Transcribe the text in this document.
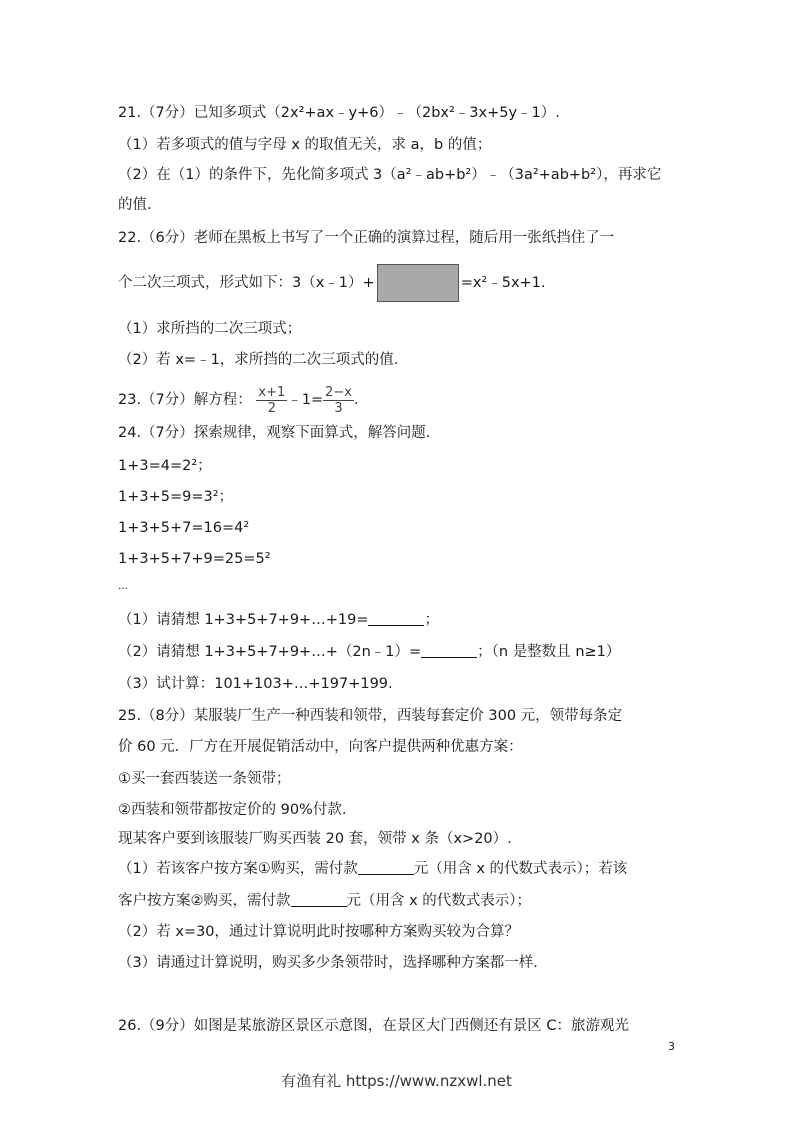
21.（7分）已知多项式（2x²+ax﹣y+6）﹣（2bx²﹣3x+5y﹣1）.
（1）若多项式的值与字母 x 的取值无关，求 a，b 的值；
（2）在（1）的条件下，先化简多项式 3（a²﹣ab+b²）﹣（3a²+ab+b²），再求它
的值.
22.（6分）老师在黑板上书写了一个正确的演算过程，随后用一张纸挡住了一
个二次三项式，形式如下：3（x﹣1）+	=x²﹣5x+1.
（1）求所挡的二次三项式；
（2）若 x=﹣1，求所挡的二次三项式的值.
23.（7分）解方程： $\frac{x+1}{2}$ ﹣1= $\frac{2-x}{3}$ .
24.（7分）探索规律，观察下面算式，解答问题.
1+3=4=2²；
1+3+5=9=3²；
1+3+5+7=16=4²
1+3+5+7+9=25=5²
…
（1）请猜想 1+3+5+7+9+…+19=	；
（2）请猜想 1+3+5+7+9+…+（2n﹣1）=	；（n 是整数且 n≥1）
（3）试计算：101+103+…+197+199.
25.（8分）某服装厂生产一种西装和领带，西装每套定价 300 元，领带每条定
价 60 元．厂方在开展促销活动中，向客户提供两种优惠方案：
①买一套西装送一条领带；
②西装和领带都按定价的 90%付款.
现某客户要到该服装厂购买西装 20 套，领带 x 条（x>20）.
（1）若该客户按方案①购买，需付款	元（用含 x 的代数式表示）；若该
客户按方案②购买，需付款	元（用含 x 的代数式表示）；
（2）若 x=30，通过计算说明此时按哪种方案购买较为合算？
（3）请通过计算说明，购买多少条领带时，选择哪种方案都一样.
26.（9分）如图是某旅游区景区示意图，在景区大门西侧还有景区 C：旅游观光
3
有渔有礼 https://www.nzxwl.net
